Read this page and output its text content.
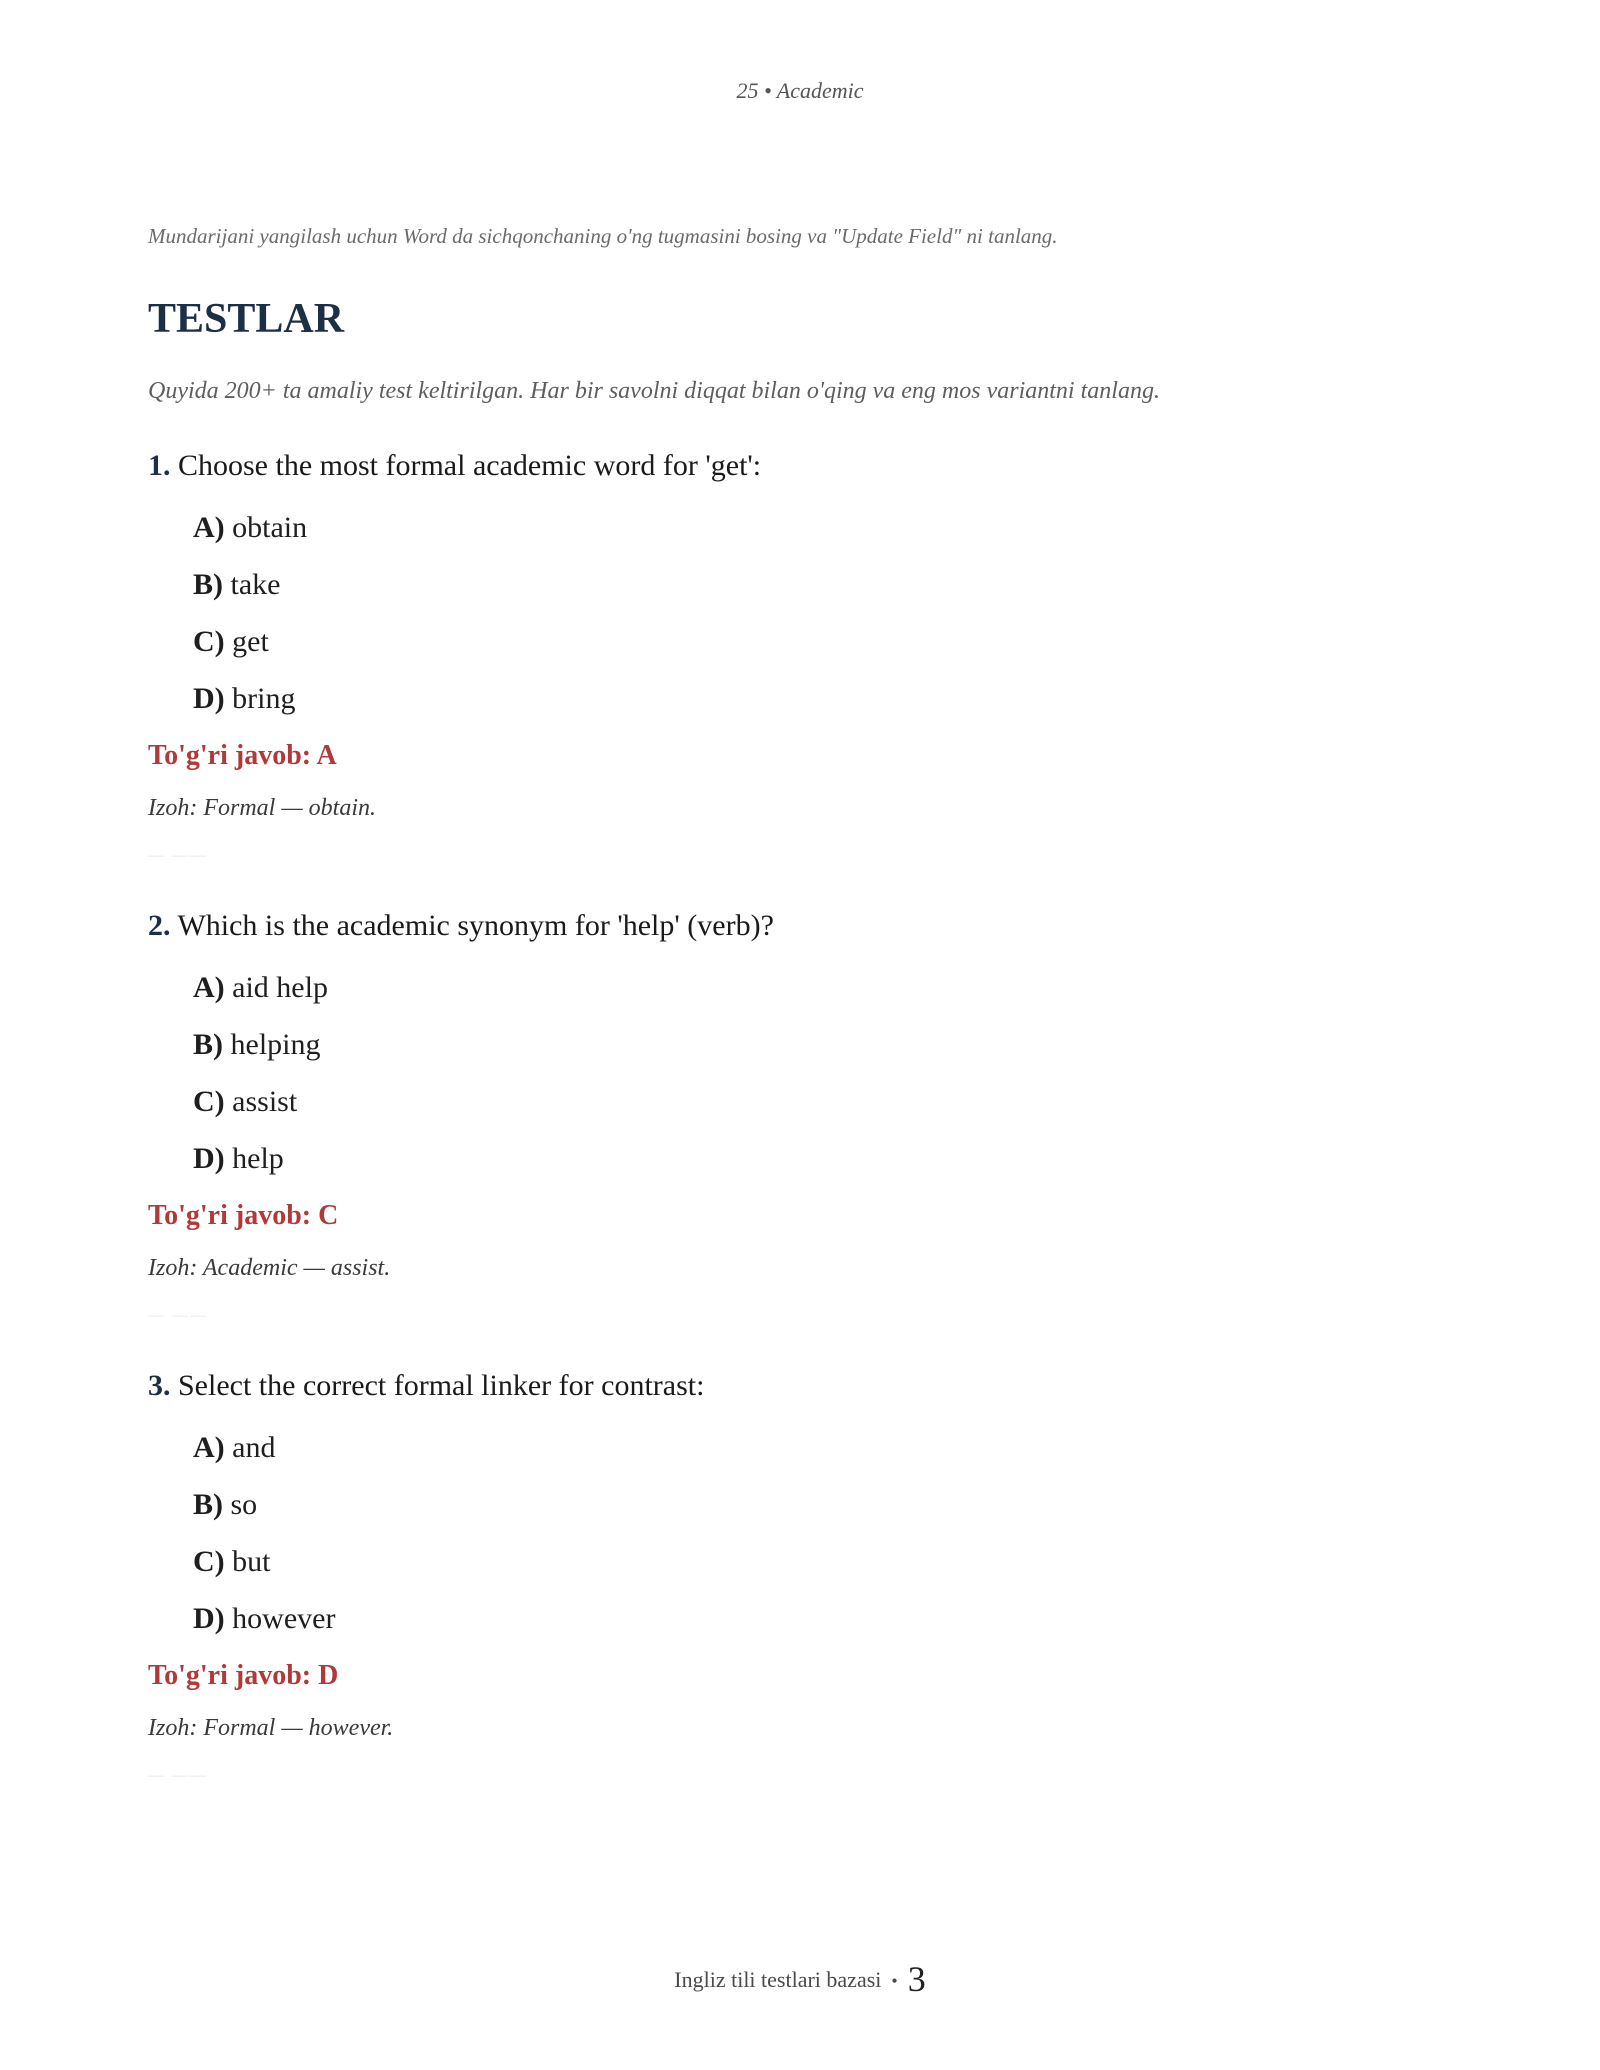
25 • Academic

Mundarijani yangilash uchun Word da sichqonchaning o'ng tugmasini bosing va "Update Field" ni tanlang.

TESTLAR

Quyida 200+ ta amaliy test keltirilgan. Har bir savolni diqqat bilan o'qing va eng mos variantni tanlang.

1. Choose the most formal academic word for 'get':

A) obtain
B) take
C) get
D) bring

To'g'ri javob: A

Izoh: Formal — obtain.

— ——

2. Which is the academic synonym for 'help' (verb)?

A) aid help
B) helping
C) assist
D) help

To'g'ri javob: C

Izoh: Academic — assist.

— ——

3. Select the correct formal linker for contrast:

A) and
B) so
C) but
D) however

To'g'ri javob: D

Izoh: Formal — however.

— ——
Ingliz tili testlari bazasi • 3
